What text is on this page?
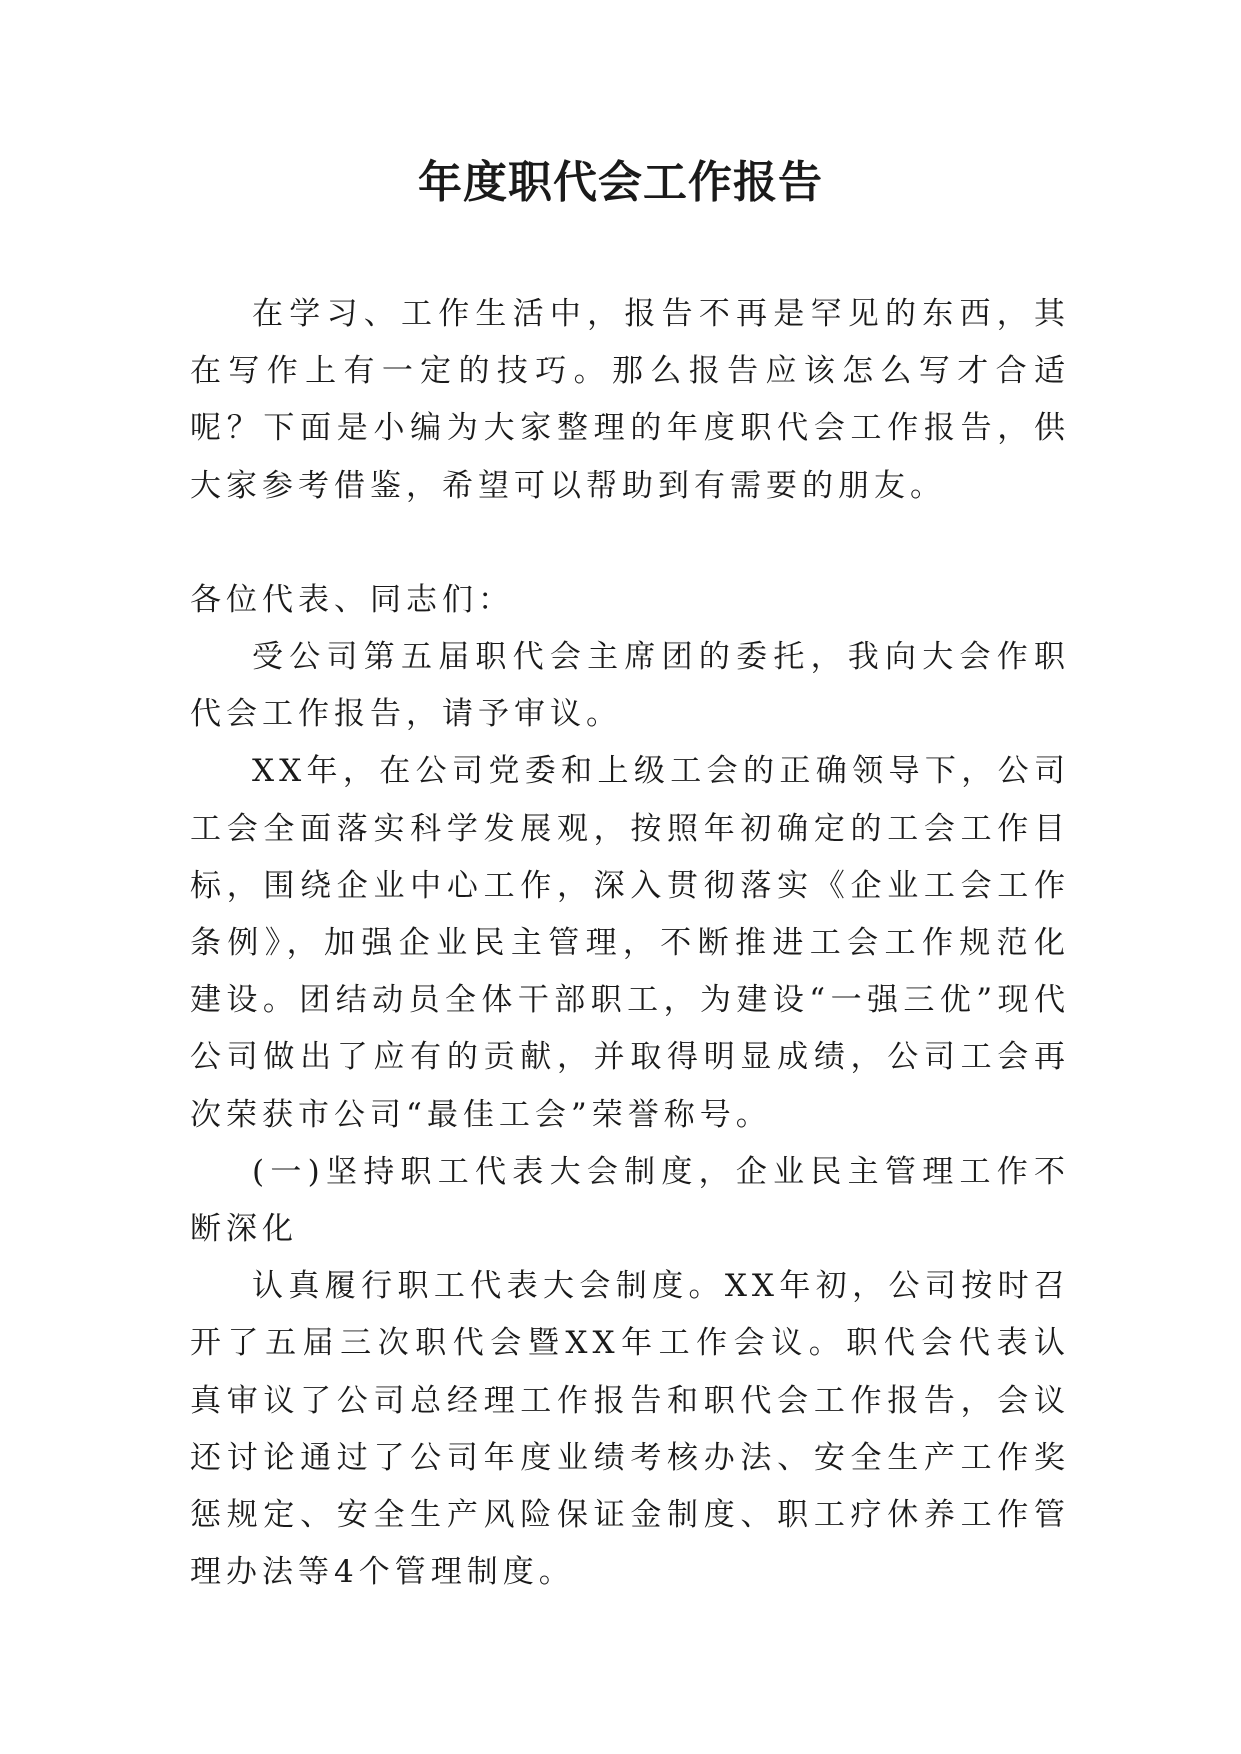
年度职代会工作报告

在学习、工作生活中，报告不再是罕见的东西，其在写作上有一定的技巧。那么报告应该怎么写才合适呢？下面是小编为大家整理的年度职代会工作报告，供大家参考借鉴，希望可以帮助到有需要的朋友。

各位代表、同志们：

受公司第五届职代会主席团的委托，我向大会作职代会工作报告，请予审议。

XX年，在公司党委和上级工会的正确领导下，公司工会全面落实科学发展观，按照年初确定的工会工作目标，围绕企业中心工作，深入贯彻落实《企业工会工作条例》，加强企业民主管理，不断推进工会工作规范化建设。团结动员全体干部职工，为建设“一强三优”现代公司做出了应有的贡献，并取得明显成绩，公司工会再次荣获市公司“最佳工会”荣誉称号。

(一)坚持职工代表大会制度，企业民主管理工作不断深化

认真履行职工代表大会制度。XX年初，公司按时召开了五届三次职代会暨XX年工作会议。职代会代表认真审议了公司总经理工作报告和职代会工作报告，会议还讨论通过了公司年度业绩考核办法、安全生产工作奖惩规定、安全生产风险保证金制度、职工疗休养工作管理办法等4个管理制度。
